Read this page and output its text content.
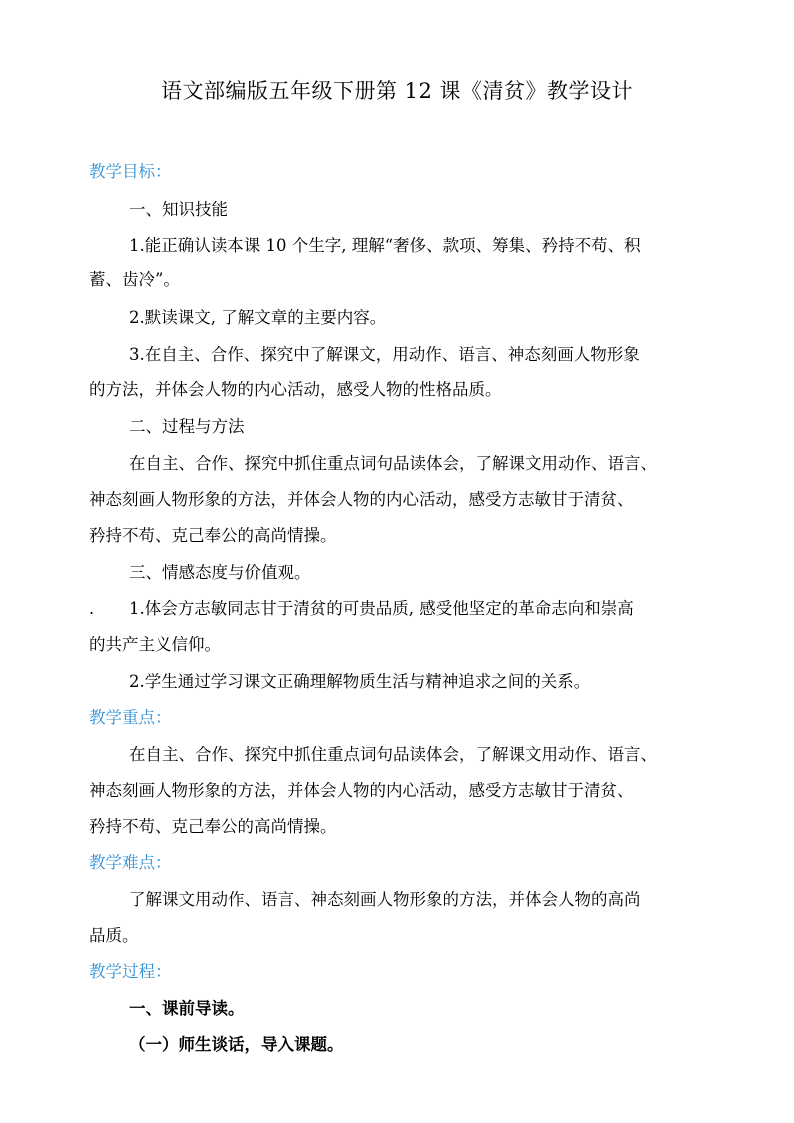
语文部编版五年级下册第 12 课《清贫》教学设计
教学目标：
一、知识技能
1.能正确认读本课 10 个生字, 理解“奢侈、款项、筹集、矜持不苟、积
蓄、齿冷”。
2.默读课文, 了解文章的主要内容。
3.在自主、合作、探究中了解课文，用动作、语言、神态刻画人物形象
的方法，并体会人物的内心活动，感受人物的性格品质。
二、过程与方法
在自主、合作、探究中抓住重点词句品读体会，了解课文用动作、语言、
神态刻画人物形象的方法，并体会人物的内心活动，感受方志敏甘于清贫、
矜持不苟、克己奉公的高尚情操。
三、情感态度与价值观。
. 1.体会方志敏同志甘于清贫的可贵品质, 感受他坚定的革命志向和崇高
的共产主义信仰。
2.学生通过学习课文正确理解物质生活与精神追求之间的关系。
教学重点：
在自主、合作、探究中抓住重点词句品读体会，了解课文用动作、语言、
神态刻画人物形象的方法，并体会人物的内心活动，感受方志敏甘于清贫、
矜持不苟、克己奉公的高尚情操。
教学难点：
了解课文用动作、语言、神态刻画人物形象的方法，并体会人物的高尚
品质。
教学过程：
一、课前导读。
（一）师生谈话，导入课题。
